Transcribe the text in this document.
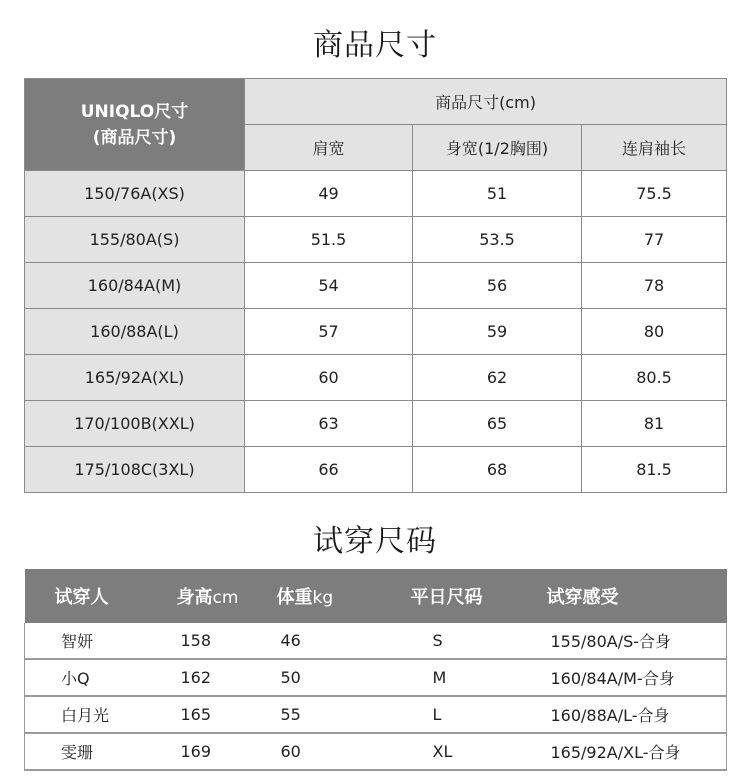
商品尺寸
UNIQLO尺寸
(商品尺寸)	商品尺寸(cm)		
	肩宽	身宽(1/2胸围)	连肩袖长
150/76A(XS)	49	51	75.5
155/80A(S)	51.5	53.5	77
160/84A(M)	54	56	78
160/88A(L)	57	59	80
165/92A(XL)	60	62	80.5
170/100B(XXL)	63	65	81
175/108C(3XL)	66	68	81.5
试穿尺码
试穿人	身高cm	体重kg	平日尺码	试穿感受
智妍	158	46	S	155/80A/S-合身
小Q	162	50	M	160/84A/M-合身
白月光	165	55	L	160/88A/L-合身
雯珊	169	60	XL	165/92A/XL-合身
